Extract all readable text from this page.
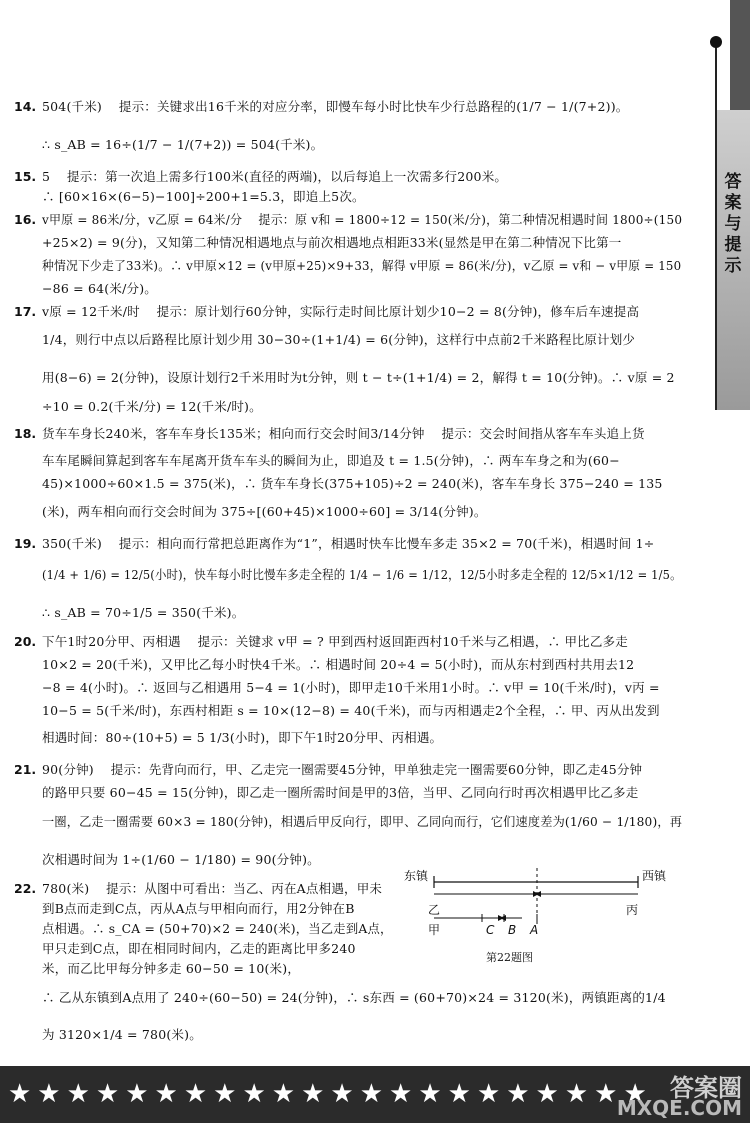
答案与提示
14. 504(千米)　 提示：关键求出16千米的对应分率，即慢车每小时比快车少行总路程的(1/7 − 1/(7+2))。
∴ s_AB = 16÷(1/7 − 1/(7+2)) = 504(千米)。
15. 5　 提示：第一次追上需多行100米(直径的两端)，以后每追上一次需多行200米。
∴ [60×16×(6−5)−100]÷200+1=5.3，即追上5次。
16. v甲原 = 86米/分，v乙原 = 64米/分　 提示：原 v和 = 1800÷12 = 150(米/分)，第二种情况相遇时间 1800÷(150
+25×2) = 9(分)，又知第二种情况相遇地点与前次相遇地点相距33米(显然是甲在第二种情况下比第一
种情况下少走了33米)。∴ v甲原×12 = (v甲原+25)×9+33，解得 v甲原 = 86(米/分)，v乙原 = v和 − v甲原 = 150
−86 = 64(米/分)。
17. v原 = 12千米/时　 提示：原计划行60分钟，实际行走时间比原计划少10−2 = 8(分钟)，修车后车速提高
1/4，则行中点以后路程比原计划少用 30−30÷(1+1/4) = 6(分钟)，这样行中点前2千米路程比原计划少
用(8−6) = 2(分钟)，设原计划行2千米用时为t分钟，则 t − t÷(1+1/4) = 2，解得 t = 10(分钟)。∴ v原 = 2
÷10 = 0.2(千米/分) = 12(千米/时)。
18. 货车车身长240米，客车车身长135米；相向而行交会时间3/14分钟　 提示：交会时间指从客车车头追上货
车车尾瞬间算起到客车车尾离开货车车头的瞬间为止，即追及 t = 1.5(分钟)，∴ 两车车身之和为(60−
45)×1000÷60×1.5 = 375(米)，∴ 货车车身长(375+105)÷2 = 240(米)，客车车身长 375−240 = 135
(米)，两车相向而行交会时间为 375÷[(60+45)×1000÷60] = 3/14(分钟)。
19. 350(千米)　 提示：相向而行常把总距离作为“1”，相遇时快车比慢车多走 35×2 = 70(千米)，相遇时间 1÷
(1/4 + 1/6) = 12/5(小时)，快车每小时比慢车多走全程的 1/4 − 1/6 = 1/12，12/5小时多走全程的 12/5×1/12 = 1/5。
∴ s_AB = 70÷1/5 = 350(千米)。
20. 下午1时20分甲、丙相遇　 提示：关键求 v甲 = ? 甲到西村返回距西村10千米与乙相遇，∴ 甲比乙多走
10×2 = 20(千米)，又甲比乙每小时快4千米。∴ 相遇时间 20÷4 = 5(小时)，而从东村到西村共用去12
−8 = 4(小时)。∴ 返回与乙相遇用 5−4 = 1(小时)，即甲走10千米用1小时。∴ v甲 = 10(千米/时)，v丙 =
10−5 = 5(千米/时)，东西村相距 s = 10×(12−8) = 40(千米)，而与丙相遇走2个全程，∴ 甲、丙从出发到
相遇时间：80÷(10+5) = 5 1/3(小时)，即下午1时20分甲、丙相遇。
21. 90(分钟)　 提示：先背向而行，甲、乙走完一圈需要45分钟，甲单独走完一圈需要60分钟，即乙走45分钟
的路甲只要 60−45 = 15(分钟)，即乙走一圈所需时间是甲的3倍，当甲、乙同向行时再次相遇甲比乙多走
一圈，乙走一圈需要 60×3 = 180(分钟)，相遇后甲反向行，即甲、乙同向而行，它们速度差为(1/60 − 1/180)，再
次相遇时间为 1÷(1/60 − 1/180) = 90(分钟)。
22. 780(米)　 提示：从图中可看出：当乙、丙在A点相遇，甲未
到B点而走到C点，丙从A点与甲相向而行，用2分钟在B
点相遇。∴ s_CA = (50+70)×2 = 240(米)，当乙走到A点，
甲只走到C点，即在相同时间内，乙走的距离比甲多240
米，而乙比甲每分钟多走 60−50 = 10(米)，
∴ 乙从东镇到A点用了 240÷(60−50) = 24(分钟)，∴ s东西 = (60+70)×24 = 3120(米)，两镇距离的1/4
为 3120×1/4 = 780(米)。
东镇	西镇
乙	丙
甲	C B A
第22题图
★★★★★★★★★★★★★★★★★★★★★★ 答案圈
MXQE.COM
